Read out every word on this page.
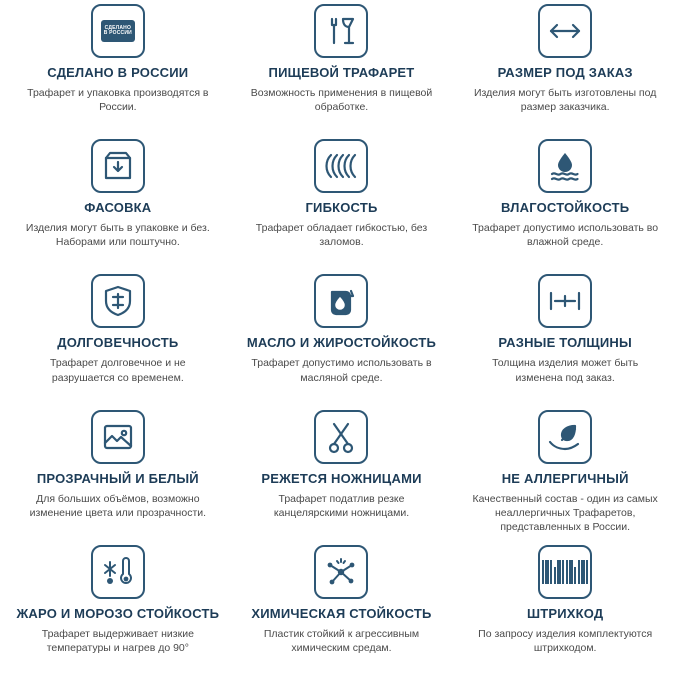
СДЕЛАНО
В РОССИИ
СДЕЛАНО В РОССИИ
Трафарет и упаковка производятся в России.
ПИЩЕВОЙ ТРАФАРЕТ
Возможность применения в пищевой обработке.
РАЗМЕР ПОД ЗАКАЗ
Изделия могут быть изготовлены под размер заказчика.
ФАСОВКА
Изделия могут быть в упаковке и без. Наборами или поштучно.
ГИБКОСТЬ
Трафарет обладает гибкостью, без заломов.
ВЛАГОСТОЙКОСТЬ
Трафарет допустимо использовать во влажной среде.
ДОЛГОВЕЧНОСТЬ
Трафарет долговечное и не разрушается со временем.
МАСЛО И ЖИРОСТОЙКОСТЬ
Трафарет допустимо использовать в масляной среде.
РАЗНЫЕ ТОЛЩИНЫ
Толщина изделия может быть изменена под заказ.
ПРОЗРАЧНЫЙ И БЕЛЫЙ
Для больших объёмов, возможно изменение цвета или прозрачности.
РЕЖЕТСЯ НОЖНИЦАМИ
Трафарет податлив резке канцелярскими ножницами.
НЕ АЛЛЕРГИЧНЫЙ
Качественный состав - один из самых неаллергичных Трафаретов, представленных в России.
ЖАРО И МОРОЗО СТОЙКОСТЬ
Трафарет выдерживает низкие температуры и нагрев до 90°
ХИМИЧЕСКАЯ СТОЙКОСТЬ
Пластик стойкий к агрессивным химическим средам.
ШТРИХКОД
По запросу изделия комплектуются штрихкодом.
